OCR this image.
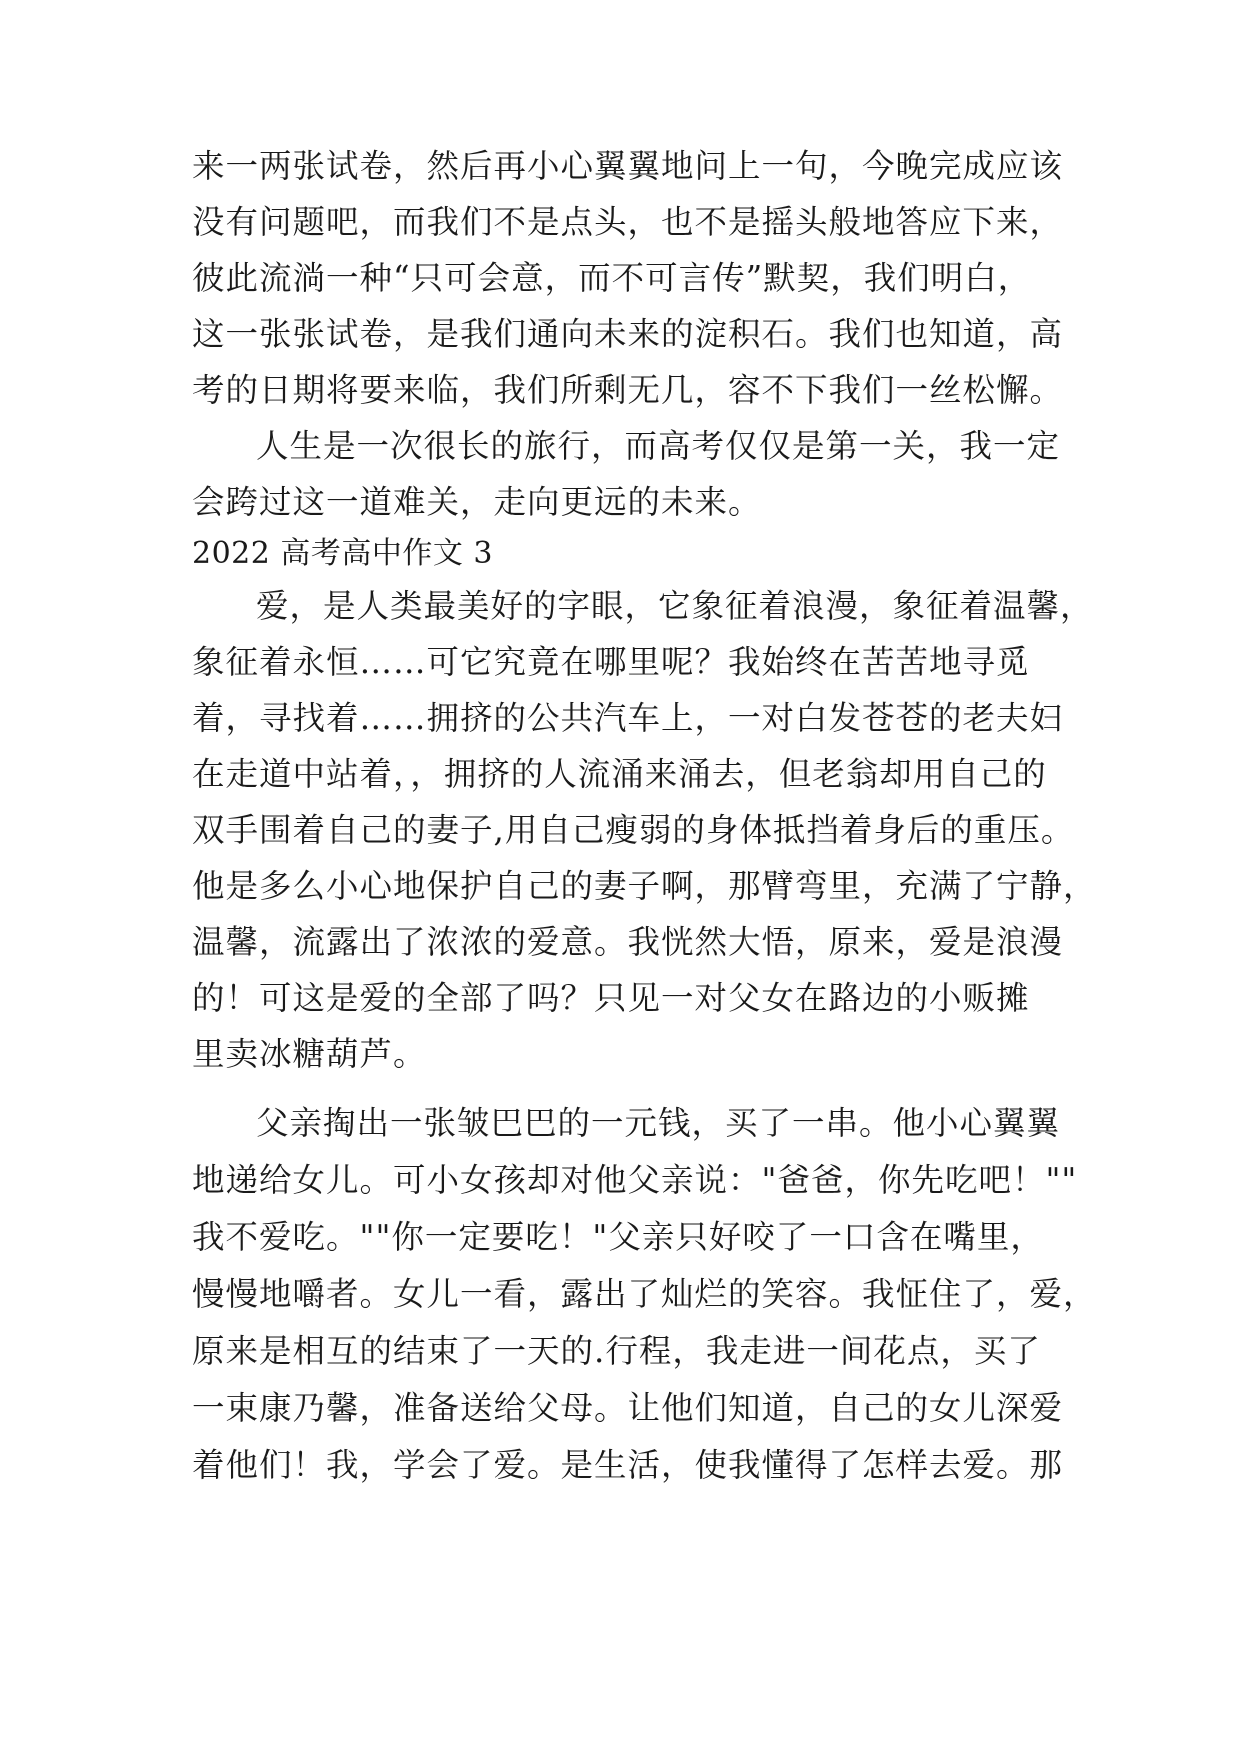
来一两张试卷，然后再小心翼翼地问上一句，今晚完成应该
没有问题吧，而我们不是点头，也不是摇头般地答应下来，
彼此流淌一种“只可会意，而不可言传”默契，我们明白，
这一张张试卷，是我们通向未来的淀积石。我们也知道，高
考的日期将要来临，我们所剩无几，容不下我们一丝松懈。
人生是一次很长的旅行，而高考仅仅是第一关，我一定
会跨过这一道难关，走向更远的未来。
2022 高考高中作文 3
爱，是人类最美好的字眼，它象征着浪漫，象征着温馨，
象征着永恒……可它究竟在哪里呢？我始终在苦苦地寻觅
着，寻找着……拥挤的公共汽车上，一对白发苍苍的老夫妇
在走道中站着，，拥挤的人流涌来涌去，但老翁却用自己的
双手围着自己的妻子,用自己瘦弱的身体抵挡着身后的重压。
他是多么小心地保护自己的妻子啊，那臂弯里，充满了宁静，
温馨，流露出了浓浓的爱意。我恍然大悟，原来，爱是浪漫
的！可这是爱的全部了吗？只见一对父女在路边的小贩摊
里卖冰糖葫芦。
父亲掏出一张皱巴巴的一元钱，买了一串。他小心翼翼
地递给女儿。可小女孩却对他父亲说："爸爸，你先吃吧！""
我不爱吃。""你一定要吃！"父亲只好咬了一口含在嘴里，
慢慢地嚼者。女儿一看，露出了灿烂的笑容。我怔住了，爱，
原来是相互的结束了一天的.行程，我走进一间花点，买了
一束康乃馨，准备送给父母。让他们知道，自己的女儿深爱
着他们！我，学会了爱。是生活，使我懂得了怎样去爱。那
